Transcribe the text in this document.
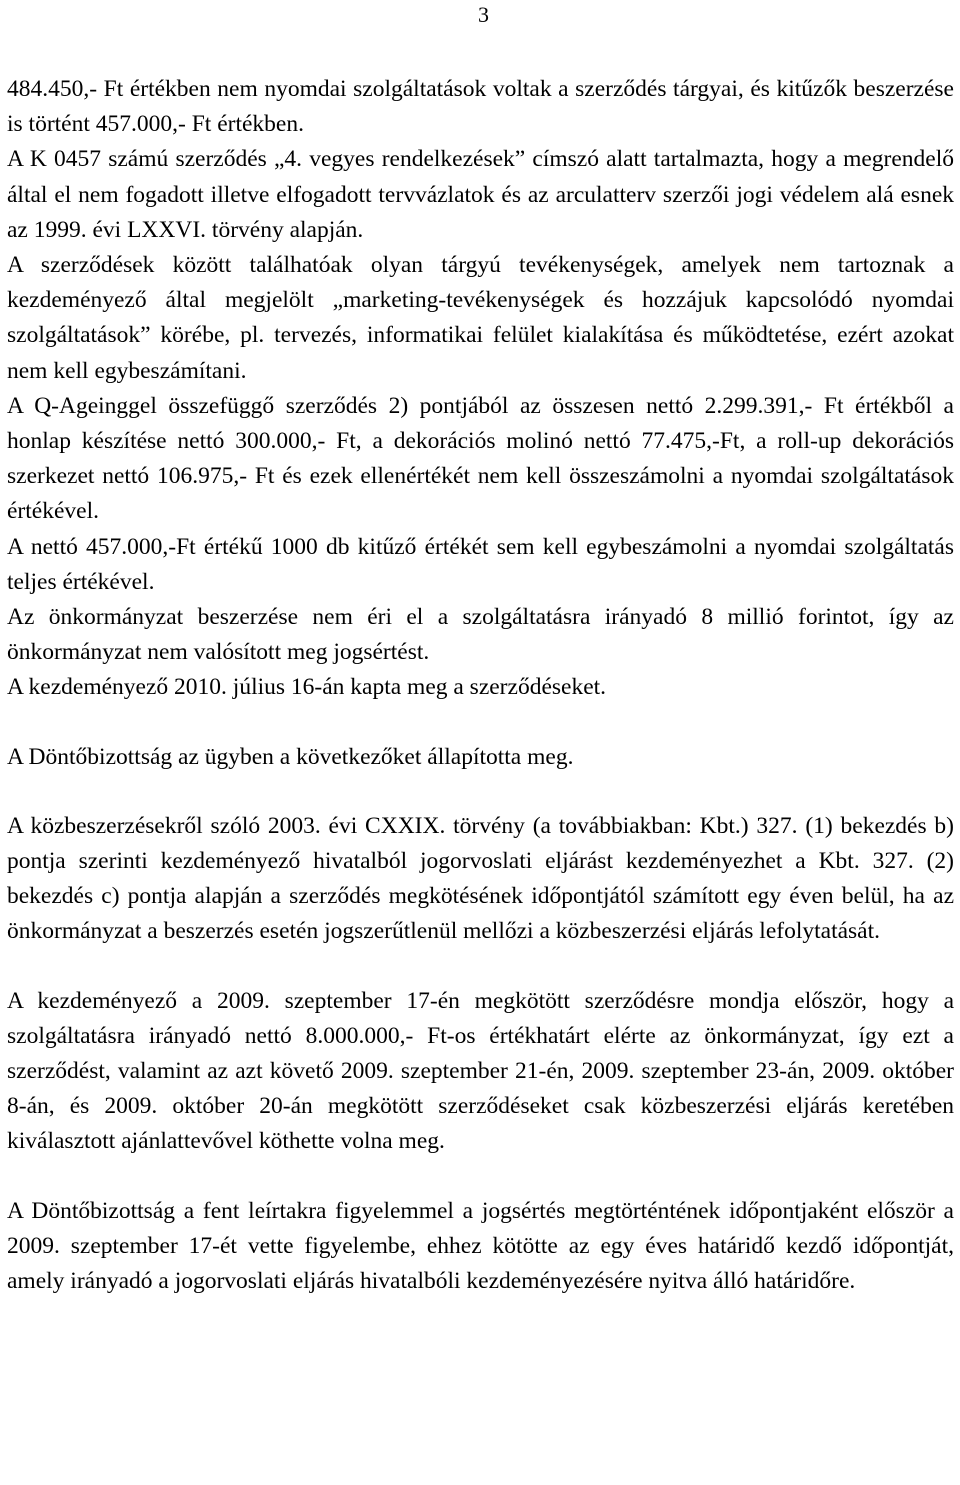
3

484.450,- Ft értékben nem nyomdai szolgáltatások voltak a szerződés tárgyai, és kitűzők beszerzése is történt 457.000,- Ft értékben.

A K 0457 számú szerződés „4. vegyes rendelkezések” címszó alatt tartalmazta, hogy a megrendelő által el nem fogadott illetve elfogadott tervvázlatok és az arculatterv szerzői jogi védelem alá esnek az 1999. évi LXXVI. törvény alapján.

A szerződések között találhatóak olyan tárgyú tevékenységek, amelyek nem tartoznak a kezdeményező által megjelölt „marketing-tevékenységek és hozzájuk kapcsolódó nyomdai szolgáltatások” körébe, pl. tervezés, informatikai felület kialakítása és működtetése, ezért azokat nem kell egybeszámítani.

A Q-Ageinggel összefüggő szerződés 2) pontjából az összesen nettó 2.299.391,- Ft értékből a honlap készítése nettó 300.000,- Ft, a dekorációs molinó nettó 77.475,-Ft, a roll-up dekorációs szerkezet nettó 106.975,- Ft és ezek ellenértékét nem kell összeszámolni a nyomdai szolgáltatások értékével.

A nettó 457.000,-Ft értékű 1000 db kitűző értékét sem kell egybeszámolni a nyomdai szolgáltatás teljes értékével.

Az önkormányzat beszerzése nem éri el a szolgáltatásra irányadó 8 millió forintot, így az önkormányzat nem valósított meg jogsértést.

A kezdeményező 2010. július 16-án kapta meg a szerződéseket.

A Döntőbizottság az ügyben a következőket állapította meg.

A közbeszerzésekről szóló 2003. évi CXXIX. törvény (a továbbiakban: Kbt.) 327. (1) bekezdés b) pontja szerinti kezdeményező hivatalból jogorvoslati eljárást kezdeményezhet a Kbt. 327. (2) bekezdés c) pontja alapján a szerződés megkötésének időpontjától számított egy éven belül, ha az önkormányzat a beszerzés esetén jogszerűtlenül mellőzi a közbeszerzési eljárás lefolytatását.

A kezdeményező a 2009. szeptember 17-én megkötött szerződésre mondja először, hogy a szolgáltatásra irányadó nettó 8.000.000,- Ft-os értékhatárt elérte az önkormányzat, így ezt a szerződést, valamint az azt követő 2009. szeptember 21-én, 2009. szeptember 23-án, 2009. október 8-án, és 2009. október 20-án megkötött szerződéseket csak közbeszerzési eljárás keretében kiválasztott ajánlattevővel köthette volna meg.

A Döntőbizottság a fent leírtakra figyelemmel a jogsértés megtörténtének időpontjaként először a 2009. szeptember 17-ét vette figyelembe, ehhez kötötte az egy éves határidő kezdő időpontját, amely irányadó a jogorvoslati eljárás hivatalbóli kezdeményezésére nyitva álló határidőre.
